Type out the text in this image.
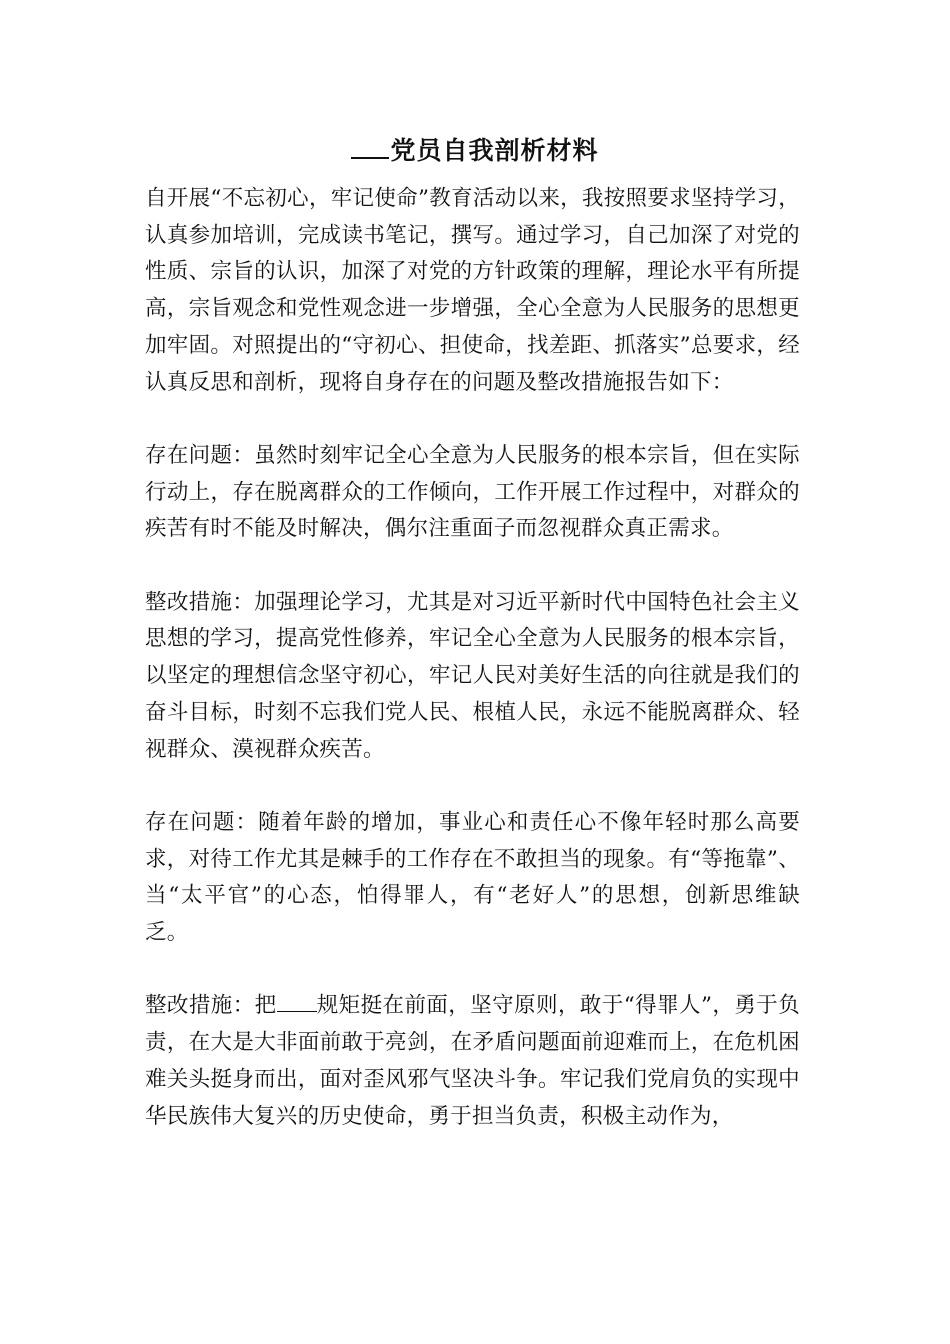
党员自我剖析材料

自开展“不忘初心，牢记使命”教育活动以来，我按照要求坚持学习，认真参加培训，完成读书笔记，撰写。通过学习，自己加深了对党的性质、宗旨的认识，加深了对党的方针政策的理解，理论水平有所提高，宗旨观念和党性观念进一步增强，全心全意为人民服务的思想更加牢固。对照提出的“守初心、担使命，找差距、抓落实”总要求，经认真反思和剖析，现将自身存在的问题及整改措施报告如下：

存在问题：虽然时刻牢记全心全意为人民服务的根本宗旨，但在实际行动上，存在脱离群众的工作倾向，工作开展工作过程中，对群众的疾苦有时不能及时解决，偶尔注重面子而忽视群众真正需求。

整改措施：加强理论学习，尤其是对习近平新时代中国特色社会主义思想的学习，提高党性修养，牢记全心全意为人民服务的根本宗旨，以坚定的理想信念坚守初心，牢记人民对美好生活的向往就是我们的奋斗目标，时刻不忘我们党人民、根植人民，永远不能脱离群众、轻视群众、漠视群众疾苦。

存在问题：随着年龄的增加，事业心和责任心不像年轻时那么高要求，对待工作尤其是棘手的工作存在不敢担当的现象。有“等拖靠”、当“太平官”的心态，怕得罪人，有“老好人”的思想，创新思维缺乏。

整改措施：把 规矩挺在前面，坚守原则，敢于“得罪人”，勇于负责，在大是大非面前敢于亮剑，在矛盾问题面前迎难而上，在危机困难关头挺身而出，面对歪风邪气坚决斗争。牢记我们党肩负的实现中华民族伟大复兴的历史使命，勇于担当负责，积极主动作为，
